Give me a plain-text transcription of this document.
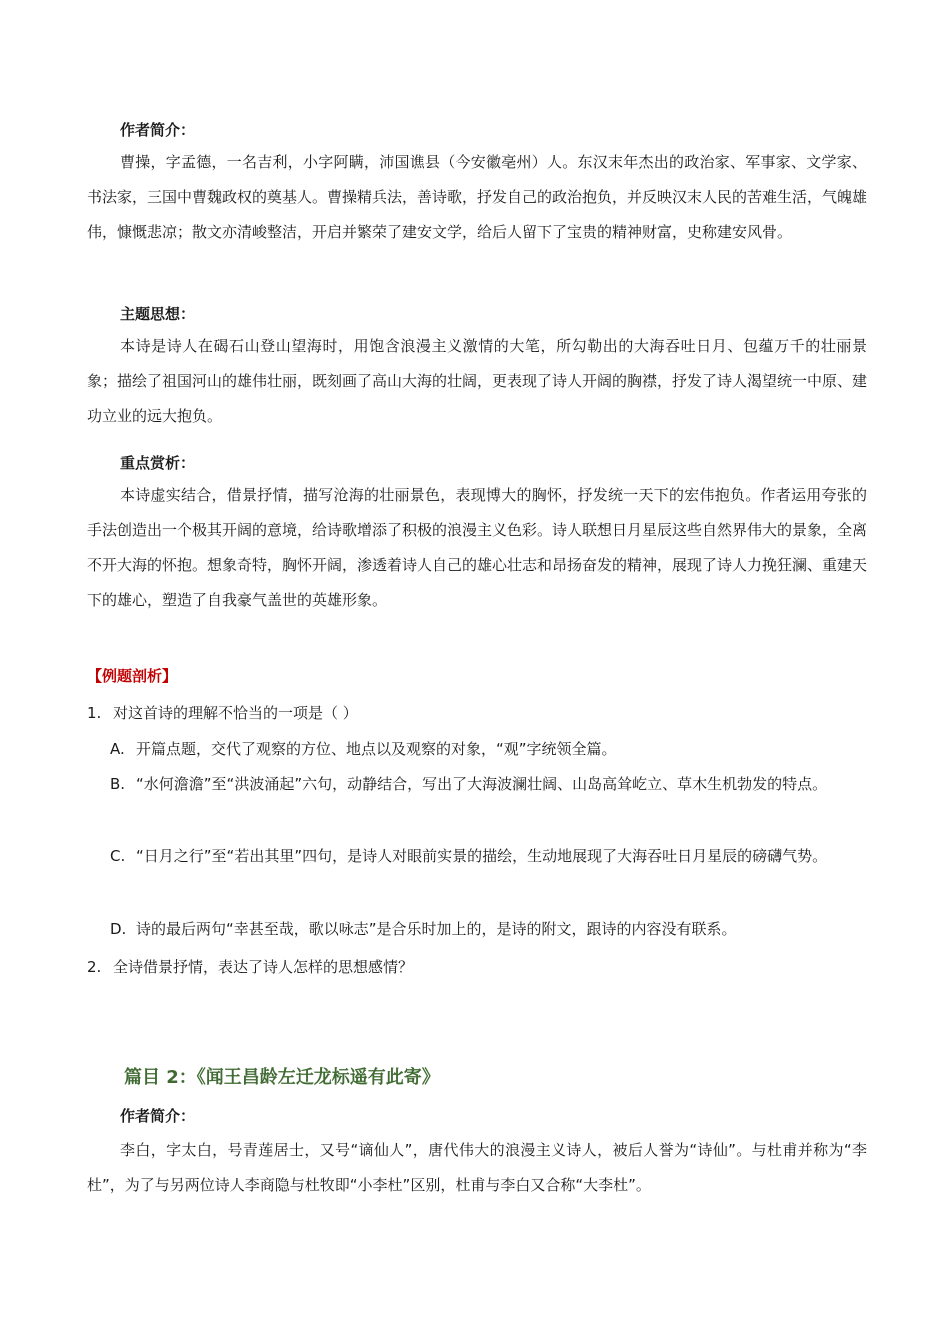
作者简介：
曹操，字孟德，一名吉利，小字阿瞒，沛国谯县（今安徽亳州）人。东汉末年杰出的政治家、军事家、文学家、书法家，三国中曹魏政权的奠基人。曹操精兵法，善诗歌，抒发自己的政治抱负，并反映汉末人民的苦难生活，气魄雄伟，慷慨悲凉；散文亦清峻整洁，开启并繁荣了建安文学，给后人留下了宝贵的精神财富，史称建安风骨。
主题思想：
本诗是诗人在碣石山登山望海时，用饱含浪漫主义激情的大笔，所勾勒出的大海吞吐日月、包蕴万千的壮丽景象；描绘了祖国河山的雄伟壮丽，既刻画了高山大海的壮阔，更表现了诗人开阔的胸襟，抒发了诗人渴望统一中原、建功立业的远大抱负。
重点赏析：
本诗虚实结合，借景抒情，描写沧海的壮丽景色，表现博大的胸怀，抒发统一天下的宏伟抱负。作者运用夸张的手法创造出一个极其开阔的意境，给诗歌增添了积极的浪漫主义色彩。诗人联想日月星辰这些自然界伟大的景象，全离不开大海的怀抱。想象奇特，胸怀开阔，渗透着诗人自己的雄心壮志和昂扬奋发的精神，展现了诗人力挽狂澜、重建天下的雄心，塑造了自我豪气盖世的英雄形象。
【例题剖析】
1. 对这首诗的理解不恰当的一项是（ ）
A. 开篇点题，交代了观察的方位、地点以及观察的对象，“观”字统领全篇。
B. “水何澹澹”至“洪波涌起”六句，动静结合，写出了大海波澜壮阔、山岛高耸屹立、草木生机勃发的特点。
C. “日月之行”至“若出其里”四句，是诗人对眼前实景的描绘，生动地展现了大海吞吐日月星辰的磅礴气势。
D. 诗的最后两句“幸甚至哉，歌以咏志”是合乐时加上的，是诗的附文，跟诗的内容没有联系。
2. 全诗借景抒情，表达了诗人怎样的思想感情？
篇目 2：《闻王昌龄左迁龙标遥有此寄》
作者简介：
李白，字太白，号青莲居士，又号“谪仙人”，唐代伟大的浪漫主义诗人，被后人誉为“诗仙”。与杜甫并称为“李杜”，为了与另两位诗人李商隐与杜牧即“小李杜”区别，杜甫与李白又合称“大李杜”。
